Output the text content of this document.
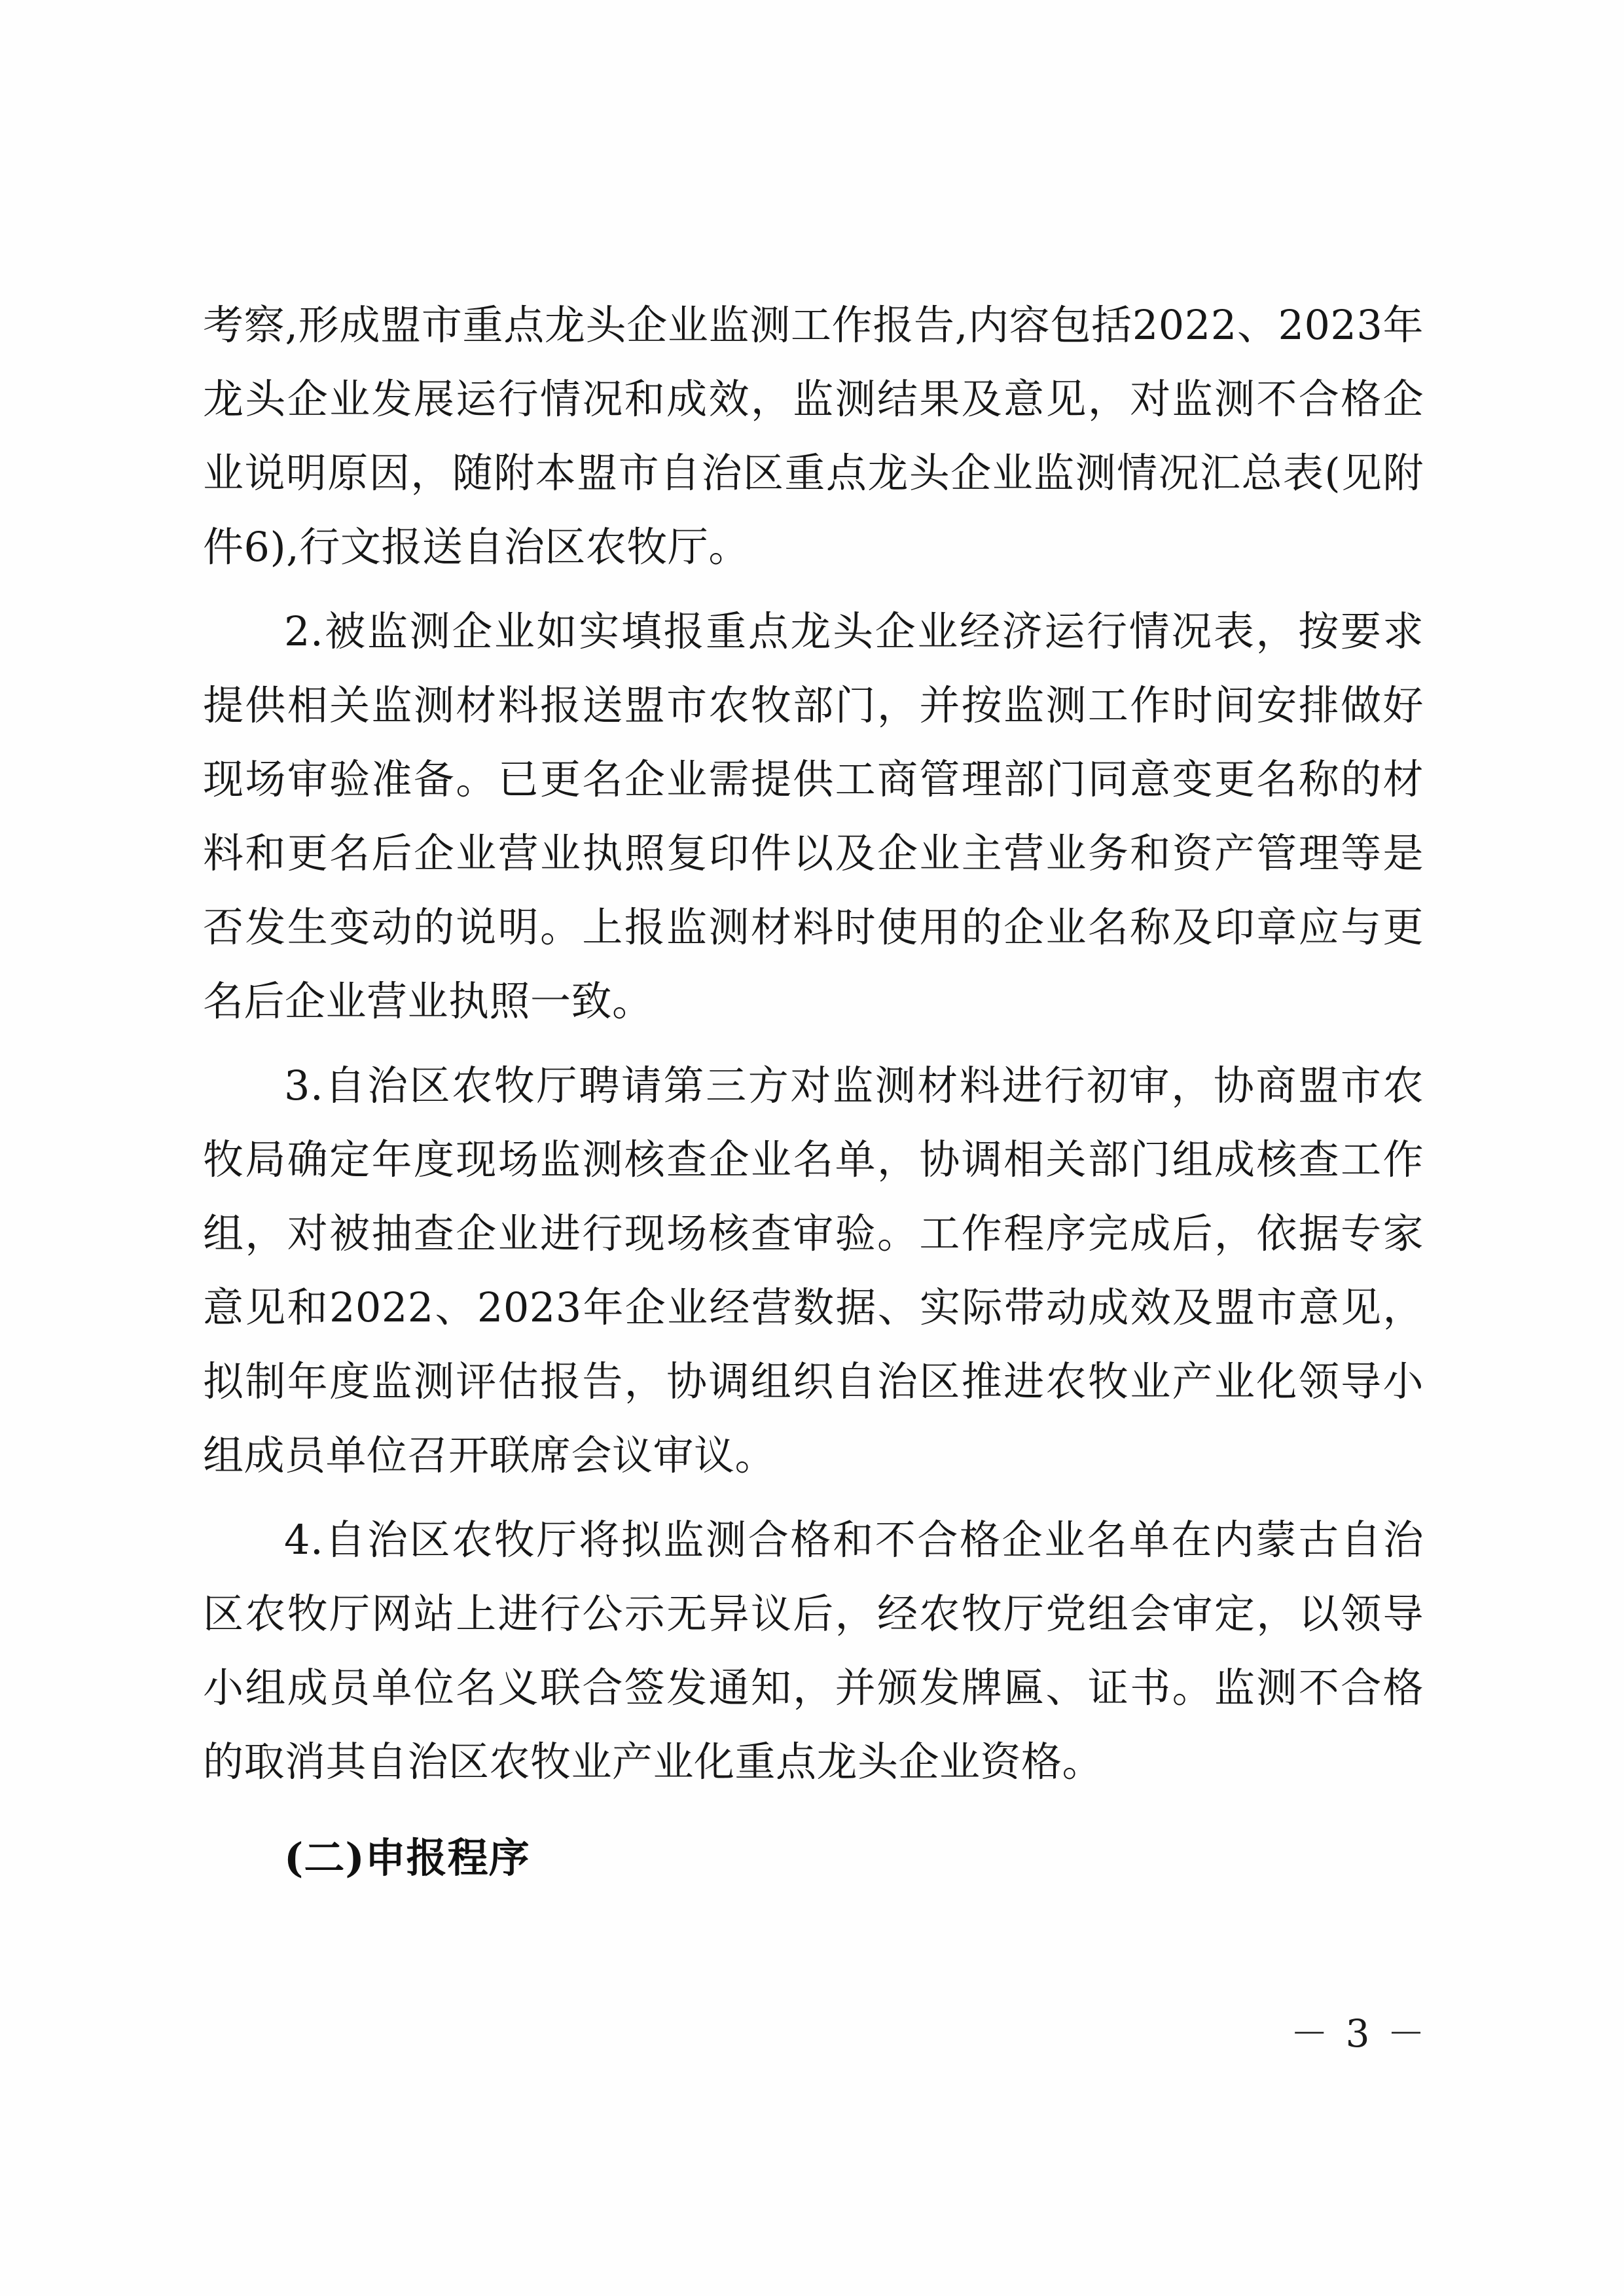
考察,形成盟市重点龙头企业监测工作报告,内容包括2022、2023年龙头企业发展运行情况和成效，监测结果及意见，对监测不合格企业说明原因，随附本盟市自治区重点龙头企业监测情况汇总表(见附件6),行文报送自治区农牧厅。

2.被监测企业如实填报重点龙头企业经济运行情况表，按要求提供相关监测材料报送盟市农牧部门，并按监测工作时间安排做好现场审验准备。已更名企业需提供工商管理部门同意变更名称的材料和更名后企业营业执照复印件以及企业主营业务和资产管理等是否发生变动的说明。上报监测材料时使用的企业名称及印章应与更名后企业营业执照一致。

3.自治区农牧厅聘请第三方对监测材料进行初审，协商盟市农牧局确定年度现场监测核查企业名单，协调相关部门组成核查工作组，对被抽查企业进行现场核查审验。工作程序完成后，依据专家意见和2022、2023年企业经营数据、实际带动成效及盟市意见，拟制年度监测评估报告，协调组织自治区推进农牧业产业化领导小组成员单位召开联席会议审议。

4.自治区农牧厅将拟监测合格和不合格企业名单在内蒙古自治区农牧厅网站上进行公示无异议后，经农牧厅党组会审定，以领导小组成员单位名义联合签发通知，并颁发牌匾、证书。监测不合格的取消其自治区农牧业产业化重点龙头企业资格。

(二)申报程序

－ 3 －
